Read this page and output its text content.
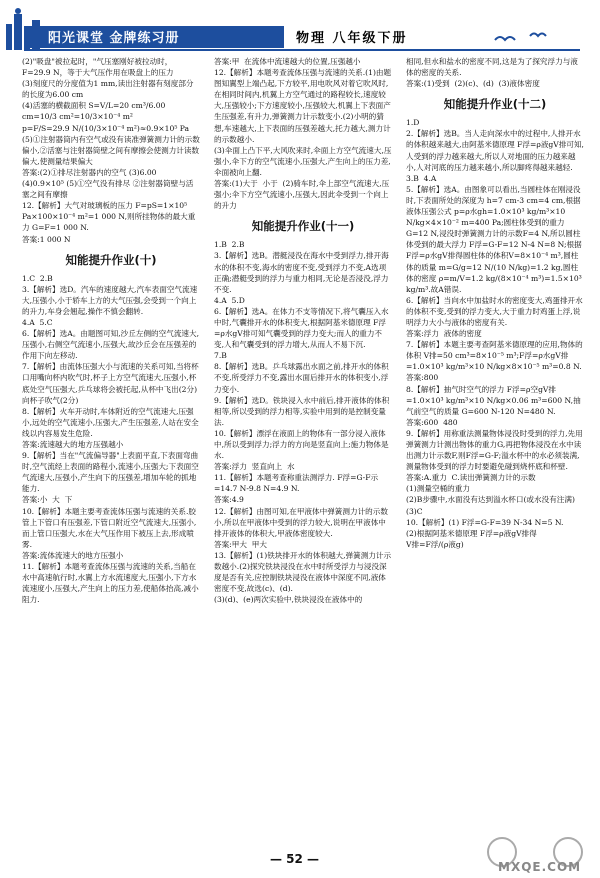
阳光课堂 金牌练习册	物理 八年级下册

(2)"吸盘"被拉起时，"气压塞刚好被拉动时，F=29.9 N，等于大气压作用在吸盘上的压力

(3)刻度尺的分度值为1 mm,读出注射器有刻度部分的长度为6.00 cm

(4)活塞的横截面积 S=V/L=20 cm³/6.00 cm=10/3 cm²=10/3×10⁻⁴ m²

p=F/S=29.9 N/(10/3×10⁻⁴ m²)≈0.9×10⁵ Pa

(5)①注射器筒内有空气或没有读准弹簧测力计的示数偏小,②活塞与注射器筒壁之间有摩擦会使测力计读数偏大,使测量结果偏大

答案:(2)①排尽注射器内的空气 (3)6.00 (4)0.9×10⁵ (5)①空气没有排尽 ②注射器筒壁与活塞之间有摩擦

12.【解析】大气对玻璃板的压力 F=pS=1×10⁵ Pa×100×10⁻⁴ m²=1 000 N,则所挂物体的最大重力 G=F=1 000 N.

答案:1 000 N

知能提升作业(十)

1.C  2.B

3.【解析】选D。汽车的速度越大,汽车表面空气流速大,压强小,小于轿车上方的大气压强,会受到一个向上的升力,车身会翘起,操作不慎会翻转.

4.A  5.C

6.【解析】选A。由题图可知,沙丘左侧的空气流速大,压强小,右侧空气流速小,压强大,故沙丘会在压强差的作用下向左移动.

7.【解析】由流体压强大小与流速的关系可知,当将杯口用嘴向杯内吹气时,杯子上方空气流速大,压强小,杯底处空气压强大,乒乓球将会被托起,从杯中飞出(2分)向杯子吹气(2分)

8.【解析】火车开动时,车体附近的空气流速大,压强小,远处的空气流速小,压强大,产生压强差,人站在安全线以内容易发生危险.

答案:流速越大的地方压强越小

9.【解析】当在"气流偏导器"上表面平直,下表面弯曲时,空气流经上表面的路程小,流速小,压强大;下表面空气流速大,压强小,产生向下的压强差,增加车轮的抓地能力.

答案:小  大  下

10.【解析】本题主要考查流体压强与流速的关系.胶管上下管口有压强差,下管口附近空气流速大,压强小,而上管口压强大,水在大气压作用下被压上去,形成喷雾.

答案:流体流速大的地方压强小

11.【解析】本题考查流体压强与流速的关系,当船在水中高速航行时,水翼上方水流速度大,压强小,下方水流速度小,压强大,产生向上的压力差,使船体抬高,减小阻力.

答案:甲  在流体中流速越大的位置,压强越小

12.【解析】本题考查流体压强与流速的关系.(1)由题图知翼型上端凸起,下方较平,用电吹风对着它吹风时,在相同时间内,机翼上方空气通过的路程较长,速度较大,压强较小;下方速度较小,压强较大,机翼上下表面产生压强差,有升力,弹簧测力计示数变小.(2)小明的猜想,车速越大,上下表面的压强差越大,托力越大,测力计的示数越小.

(3)伞面上凸下平,大风吹来时,伞面上方空气流速大,压强小,伞下方的空气流速小,压强大,产生向上的压力差,伞面被向上翻.

答案:(1)大于  小于  (2)骑车时,伞上部空气流速大,压强小;伞下方空气流速小,压强大,因此伞受到一个向上的升力

知能提升作业(十一)

1.B  2.B

3.【解析】选B。潜艇浸没在海水中受到浮力,排开海水的体积不变,海水的密度不变,受到浮力不变,A选项正确;潜艇受到的浮力与重力相同,无论是否浸没,浮力不变.

4.A  5.D

6.【解析】选A。在体力不支等情况下,将气囊压入水中时,气囊排开水的体积变大,根据阿基米德原理 F浮=ρ水gV排可知气囊受到的浮力变大;而人的重力不变,人和气囊受到的浮力增大,从而人不易下沉.

7.B

8.【解析】选B。乒乓球露出水面之前,排开水的体积不变,所受浮力不变,露出水面后排开水的体积变小,浮力变小.

9.【解析】选D。铁块浸入水中前后,排开液体的体积相等,所以受到的浮力相等,实验中用到的是控制变量法.

10.【解析】漂浮在液面上的物体有一部分浸入液体中,所以受到浮力;浮力的方向是竖直向上;施力物体是水.

答案:浮力  竖直向上  水

11.【解析】本题考查称重法测浮力. F浮=G-F示=14.7 N-9.8 N=4.9 N.

答案:4.9

12.【解析】由图可知,在甲液体中弹簧测力计的示数小,所以在甲液体中受到的浮力较大,说明在甲液体中排开液体的体积大,甲液体密度较大.

答案:甲大  甲大

13.【解析】(1)铁块排开水的体积越大,弹簧测力计示数越小.(2)探究铁块浸没在水中时所受浮力与浸没深度是否有关,应控制铁块浸没在液体中深度不同,液体密度不变,故选(c)、(d).

(3)(d)、(e)两次实验中,铁块浸没在液体中的

相同,但水和盐水的密度不同,这是为了探究浮力与液体的密度的关系.

答案:(1)受到  (2)(c)、(d)  (3)液体密度

知能提升作业(十二)

1.D

2.【解析】选B。当人走向深水中的过程中,人排开水的体积越来越大,由阿基米德原理 F浮=ρ液gV排可知,人受到的浮力越来越大,所以人对地面的压力越来越小,人对河底的压力越来越小,所以脚疼得越来越轻.

3.B  4.A

5.【解析】选A。由图象可以看出,当圆柱体在刚浸没时,下表面所处的深度为 h=7 cm-3 cm=4 cm,根据液体压强公式 p=ρ水gh=1.0×10³ kg/m³×10 N/kg×4×10⁻² m=400 Pa;圆柱体受到的重力G=12 N,浸没时弹簧测力计的示数F=4 N,所以圆柱体受到的最大浮力 F浮=G-F=12 N-4 N=8 N;根据F浮=ρ水gV排得圆柱体的体积V=8×10⁻⁴ m³,圆柱体的质量 m=G/g=12 N/(10 N/kg)=1.2 kg,圆柱体的密度 ρ=m/V=1.2 kg/(8×10⁻⁴ m³)=1.5×10³ kg/m³.故A错误.

6.【解析】当向水中加盐时水的密度变大,鸡蛋排开水的体积不变,受到的浮力变大,大于重力时鸡蛋上浮,说明浮力大小与液体的密度有关.

答案:浮力  液体的密度

7.【解析】本题主要考查阿基米德原理的应用,物体的体积 V排=50 cm³=8×10⁻⁵ m³;F浮=ρ水gV排=1.0×10³ kg/m³×10 N/kg×8×10⁻⁵ m³=0.8 N.

答案:800

8.【解析】抽气时空气的浮力 F浮=ρ空gV排=1.0×10³ kg/m³×10 N/kg×0.06 m³=600 N,抽气前空气的质量 G=600 N-120 N=480 N.

答案:600  480

9.【解析】用称重法测量物体浸没时受到的浮力,先用弹簧测力计测出物体的重力G,再把物体浸没在水中读出测力计示数F,则F浮=G-F;溢水杯中的水必须装满,测量物体受到的浮力时要避免碰到烧杯底和杯壁.

答案:A.重力  C.读出弹簧测力计的示数

(1)测量空桶的重力

(2)B步骤中,水面没有达到溢水杯口(或水没有注满)  (3)C

10.【解析】(1) F浮=G-F=39 N-34 N=5 N.

(2)根据阿基米德原理 F浮=ρ液gV排得

V排=F浮/(ρ液g)

— 52 —
MXQE.COM
